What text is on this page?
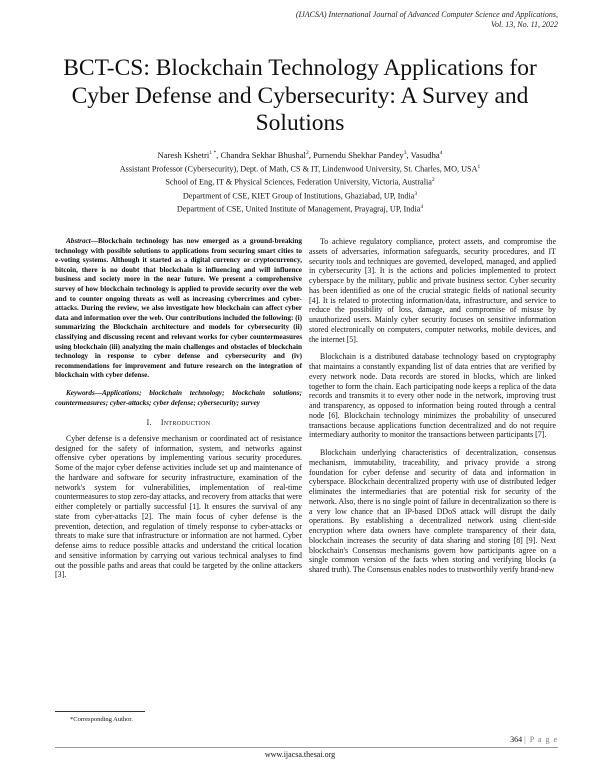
(IJACSA) International Journal of Advanced Computer Science and Applications,
Vol. 13, No. 11, 2022
BCT-CS: Blockchain Technology Applications for
Cyber Defense and Cybersecurity: A Survey and
Solutions
Naresh Kshetri$^{1 *}$, Chandra Sekhar Bhushal$^2$, Purnendu Shekhar Pandey$^3$, Vasudha$^4$
Assistant Professor (Cybersecurity), Dept. of Math, CS & IT, Lindenwood University, St. Charles, MO, USA$^1$
School of Eng, IT & Physical Sciences, Federation University, Victoria, Australia$^2$
Department of CSE, KIET Group of Institutions, Ghaziabad, UP, India$^3$
Department of CSE, United Institute of Management, Prayagraj, UP, India$^4$

Abstract—Blockchain technology has now emerged as a ground-breaking technology with possible solutions to applications from securing smart cities to e-voting systems. Although it started as a digital currency or cryptocurrency, bitcoin, there is no doubt that blockchain is influencing and will influence business and society more in the near future. We present a comprehensive survey of how blockchain technology is applied to provide security over the web and to counter ongoing threats as well as increasing cybercrimes and cyber-attacks. During the review, we also investigate how blockchain can affect cyber data and information over the web. Our contributions included the following: (i) summarizing the Blockchain architecture and models for cybersecurity (ii) classifying and discussing recent and relevant works for cyber countermeasures using blockchain (iii) analyzing the main challenges and obstacles of blockchain technology in response to cyber defense and cybersecurity and (iv) recommendations for improvement and future research on the integration of blockchain with cyber defense.

Keywords—Applications; blockchain technology; blockchain solutions; countermeasures; cyber-attacks; cyber defense; cybersecurity; survey

I. Introduction

Cyber defense is a defensive mechanism or coordinated act of resistance designed for the safety of information, system, and networks against offensive cyber operations by implementing various security procedures. Some of the major cyber defense activities include set up and maintenance of the hardware and software for security infrastructure, examination of the network's system for vulnerabilities, implementation of real-time countermeasures to stop zero-day attacks, and recovery from attacks that were either completely or partially successful [1]. It ensures the survival of any state from cyber-attacks [2]. The main focus of cyber defense is the prevention, detection, and regulation of timely response to cyber-attacks or threats to make sure that infrastructure or information are not harmed. Cyber defense aims to reduce possible attacks and understand the critical location and sensitive information by carrying out various technical analyses to find out the possible paths and areas that could be targeted by the online attackers [3].

To achieve regulatory compliance, protect assets, and compromise the assets of adversaries, information safeguards, security procedures, and IT security tools and techniques are governed, developed, managed, and applied in cybersecurity [3]. It is the actions and policies implemented to protect cyberspace by the military, public and private business sector. Cyber security has been identified as one of the crucial strategic fields of national security [4]. It is related to protecting information/data, infrastructure, and service to reduce the possibility of loss, damage, and compromise of misuse by unauthorized users. Mainly cyber security focuses on sensitive information stored electronically on computers, computer networks, mobile devices, and the internet [5].

Blockchain is a distributed database technology based on cryptography that maintains a constantly expanding list of data entries that are verified by every network node. Data records are stored in blocks, which are linked together to form the chain. Each participating node keeps a replica of the data records and transmits it to every other node in the network, improving trust and transparency, as opposed to information being routed through a central node [6]. Blockchain technology minimizes the probability of unsecured transactions because applications function decentralized and do not require intermediary authority to monitor the transactions between participants [7].

Blockchain underlying characteristics of decentralization, consensus mechanism, immutability, traceability, and privacy provide a strong foundation for cyber defense and security of data and information in cyberspace. Blockchain decentralized property with use of distributed ledger eliminates the intermediaries that are potential risk for security of the network. Also, there is no single point of failure in decentralization so there is a very low chance that an IP-based DDoS attack will disrupt the daily operations. By establishing a decentralized network using client-side encryption where data owners have complete transparency of their data, blockchain increases the security of data sharing and storing [8] [9]. Next blockchain's Consensus mechanisms govern how participants agree on a single common version of the facts when storing and verifying blocks (a shared truth). The Consensus enables nodes to trustworthily verify brand-new

*Corresponding Author.
364 | P a g e
www.ijacsa.thesai.org
